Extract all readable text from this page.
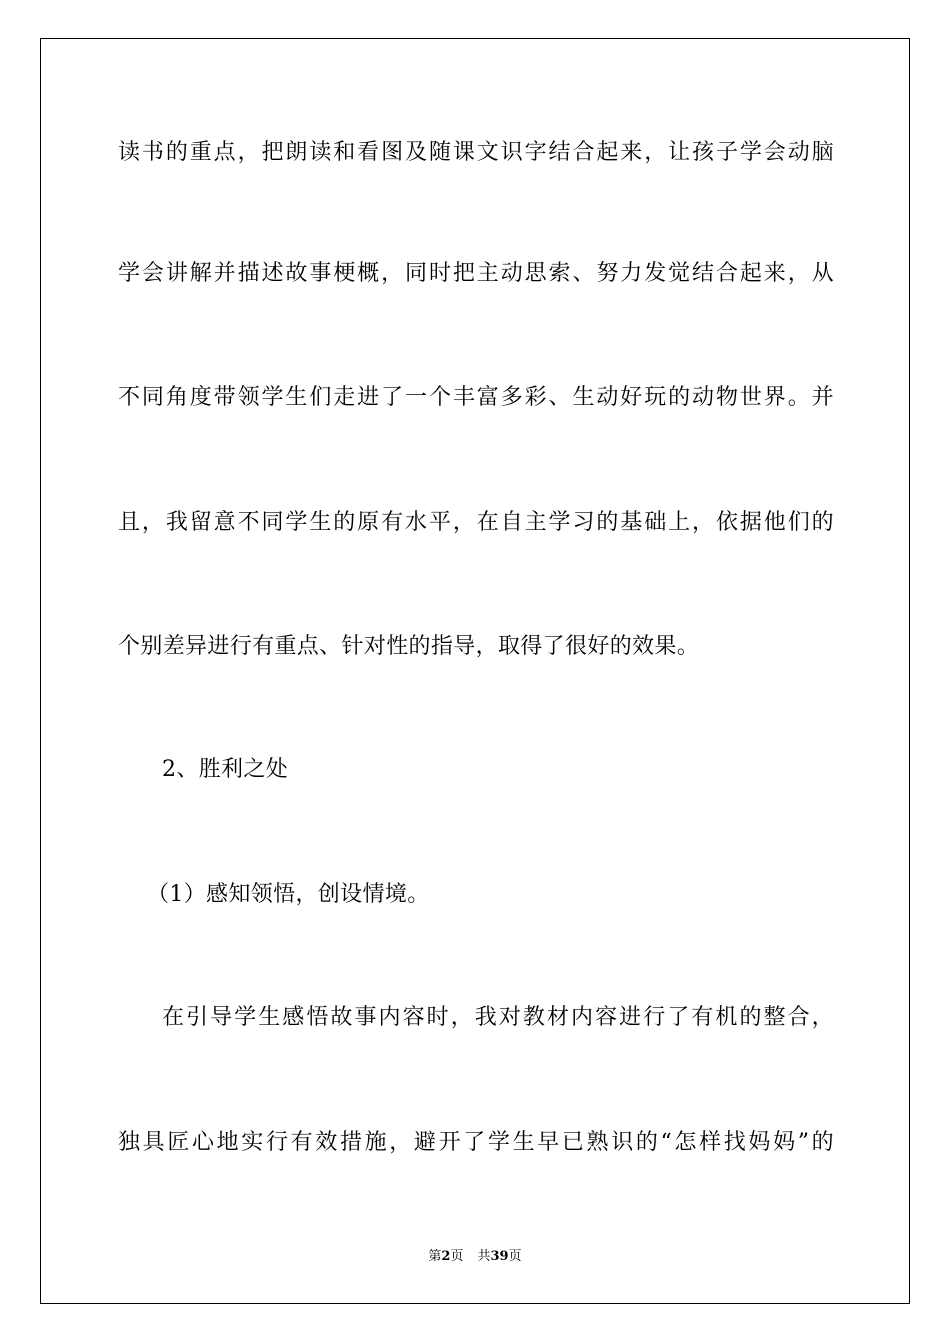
读书的重点，把朗读和看图及随课文识字结合起来，让孩子学会动脑
学会讲解并描述故事梗概，同时把主动思索、努力发觉结合起来，从
不同角度带领学生们走进了一个丰富多彩、生动好玩的动物世界。并
且，我留意不同学生的原有水平，在自主学习的基础上，依据他们的
个别差异进行有重点、针对性的指导，取得了很好的效果。
2、胜利之处
（1）感知领悟，创设情境。
在引导学生感悟故事内容时，我对教材内容进行了有机的整合，
独具匠心地实行有效措施，避开了学生早已熟识的“怎样找妈妈”的
第2页 共39页
